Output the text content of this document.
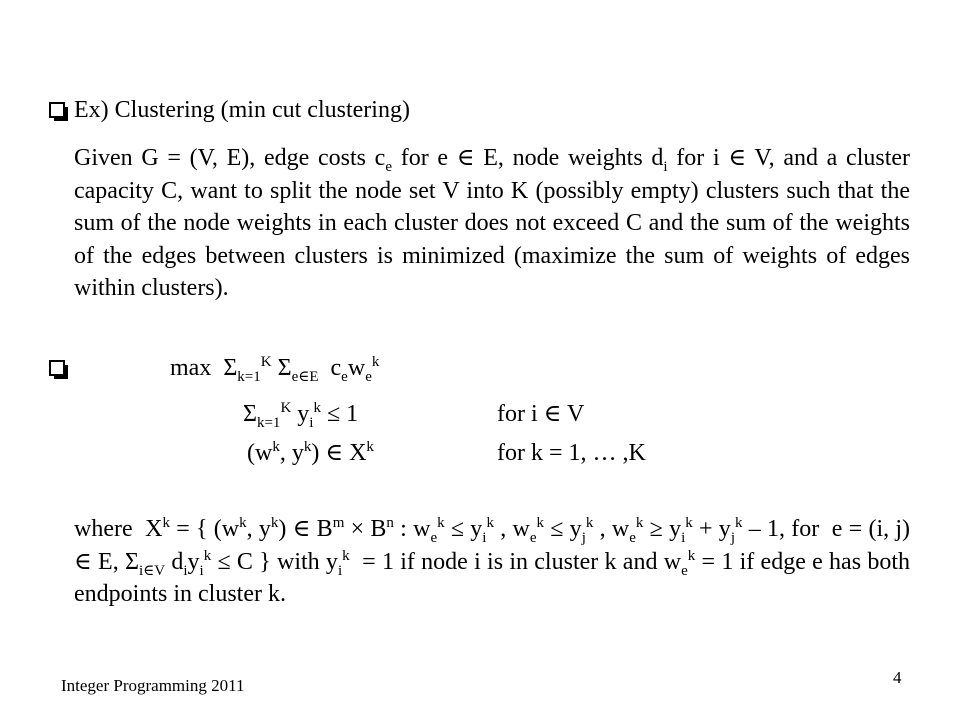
Ex) Clustering (min cut clustering)
Given G = (V, E), edge costs $c_e$ for e ∈ E, node weights $d_i$ for i ∈ V, and a cluster capacity C, want to split the node set V into K (possibly empty) clusters such that the sum of the node weights in each cluster does not exceed C and the sum of the weights of the edges between clusters is minimized (maximize the sum of weights of edges within clusters).
$\max \Sigma_{k=1}^K$ $\Sigma_{e\in E}$  $c_ew_e^k$
$\Sigma_{k=1}^K$ $y_i^k \le 1$	for i ∈ V
($w^k$, $y^k$) ∈ $X^k$	for k = 1, … ,K
where  $X^k$ = { ($w^k$, $y^k$) ∈ $B^m \times B^n$ : $w_e^k \le y_i^k$ , $w_e^k \le y_j^k$ , $w_e^k \ge y_i^k + y_j^k - 1$, for  e = (i, j) ∈ E, $\Sigma_{i\in V}$ $d_iy_i^k \le C$ } with $y_i^k = 1$ if node i is in cluster k and $w_e^k = 1$ if edge e has both endpoints in cluster k.
Integer Programming 2011	4
